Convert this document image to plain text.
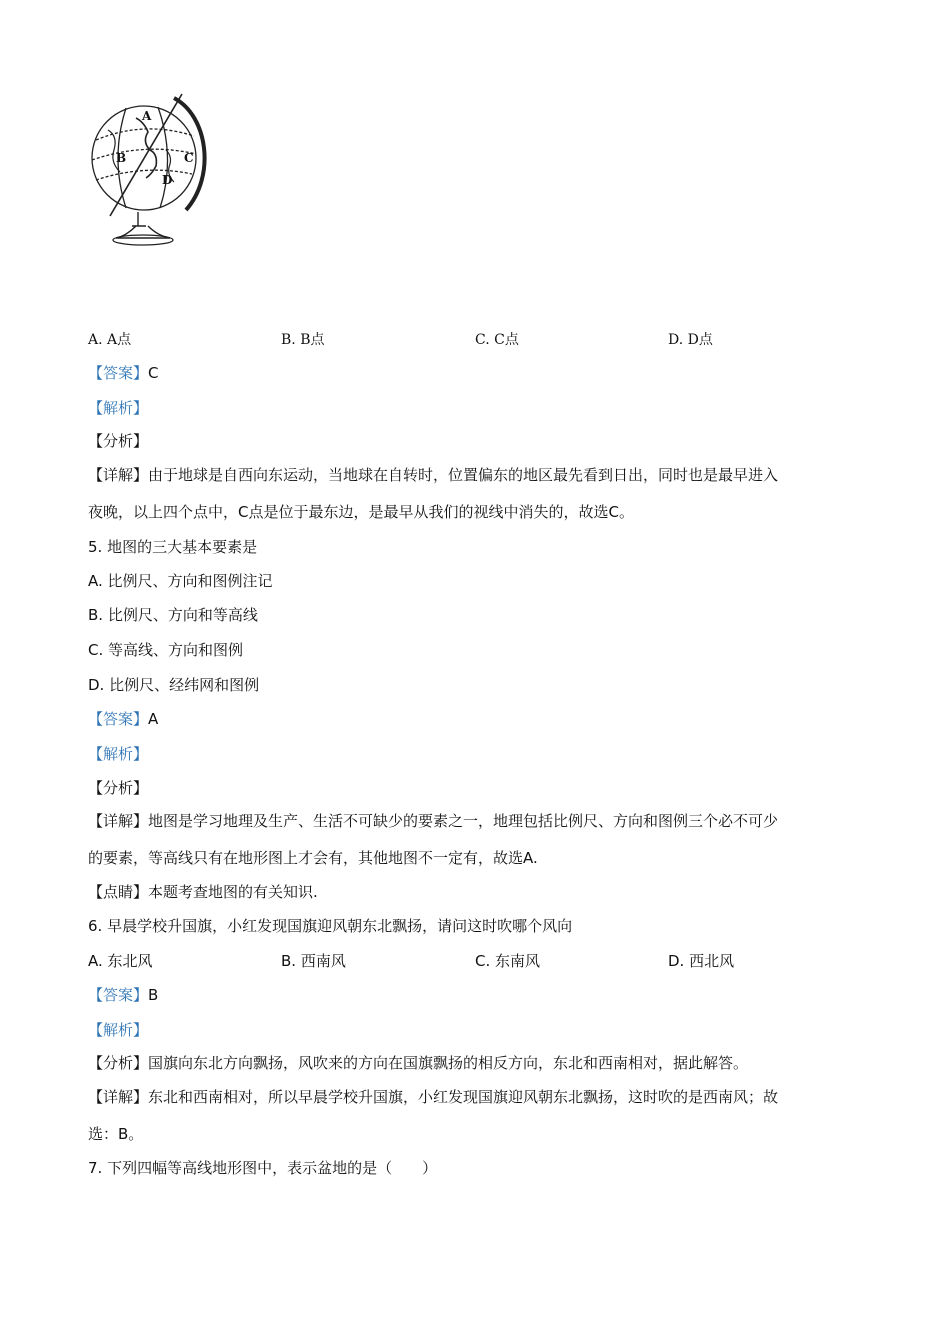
A
B	C
D
A. A点	B. B点	C. C点	D. D点
【答案】C
【解析】
【分析】
【详解】由于地球是自西向东运动，当地球在自转时，位置偏东的地区最先看到日出，同时也是最早进入
夜晚，以上四个点中，C点是位于最东边，是最早从我们的视线中消失的，故选C。
5. 地图的三大基本要素是
A. 比例尺、方向和图例注记
B. 比例尺、方向和等高线
C. 等高线、方向和图例
D. 比例尺、经纬网和图例
【答案】A
【解析】
【分析】
【详解】地图是学习地理及生产、生活不可缺少的要素之一，地理包括比例尺、方向和图例三个必不可少
的要素，等高线只有在地形图上才会有，其他地图不一定有，故选A.
【点睛】本题考查地图的有关知识.
6. 早晨学校升国旗，小红发现国旗迎风朝东北飘扬，请问这时吹哪个风向
A. 东北风	B. 西南风	C. 东南风	D. 西北风
【答案】B
【解析】
【分析】国旗向东北方向飘扬，风吹来的方向在国旗飘扬的相反方向，东北和西南相对，据此解答。
【详解】东北和西南相对，所以早晨学校升国旗，小红发现国旗迎风朝东北飘扬，这时吹的是西南风；故
选：B。
7. 下列四幅等高线地形图中，表示盆地的是（　　）
